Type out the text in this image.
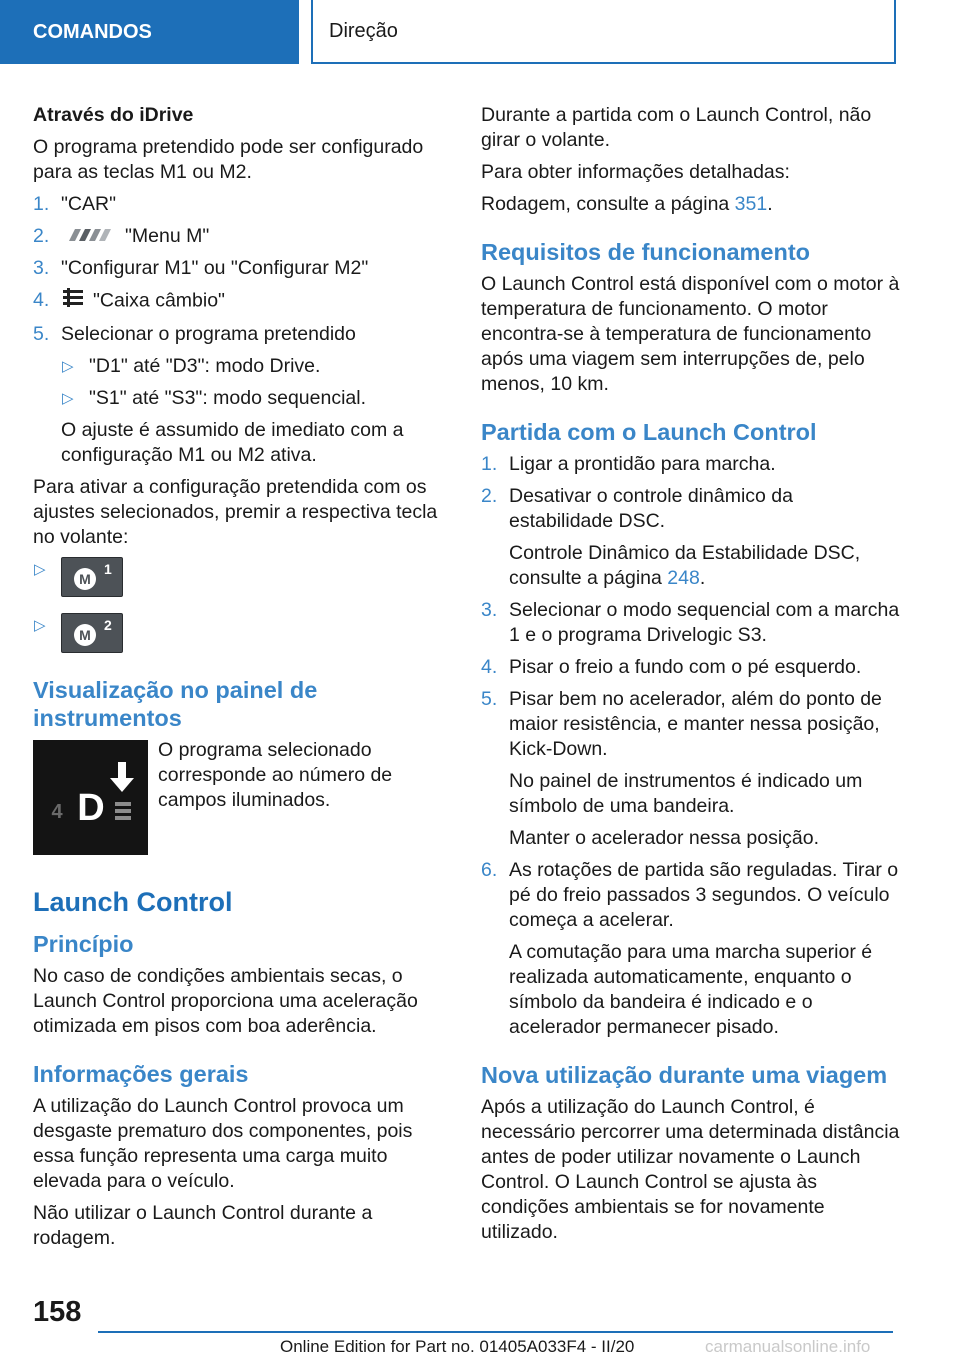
COMANDOS	Direção

Através do iDrive

O programa pretendido pode ser configurado para as teclas M1 ou M2.

1. "CAR"
2.	"Menu M"
3. "Configurar M1" ou "Configurar M2"
4. "Caixa câmbio"
5. Selecionar o programa pretendido
▷ "D1" até "D3": modo Drive.
▷ "S1" até "S3": modo sequencial.
O ajuste é assumido de imediato com a configuração M1 ou M2 ativa.

Para ativar a configuração pretendida com os ajustes selecionados, premir a respectiva tecla no volante:

▷
M
1
▷
M
2
Visualização no painel de instrumentos
4 D
O programa selecionado corresponde ao número de campos iluminados.
Launch Control
Princípio

No caso de condições ambientais secas, o Launch Control proporciona uma aceleração otimizada em pisos com boa aderência.

Informações gerais

A utilização do Launch Control provoca um desgaste prematuro dos componentes, pois essa função representa uma carga muito elevada para o veículo.

Não utilizar o Launch Control durante a rodagem.

Durante a partida com o Launch Control, não girar o volante.

Para obter informações detalhadas:

Rodagem, consulte a página 351.

Requisitos de funcionamento

O Launch Control está disponível com o motor à temperatura de funcionamento. O motor encontra-se à temperatura de funcionamento após uma viagem sem interrupções de, pelo menos, 10 km.

Partida com o Launch Control
1. Ligar a prontidão para marcha.
2. Desativar o controle dinâmico da estabilidade DSC.
Controle Dinâmico da Estabilidade DSC, consulte a página 248.
3. Selecionar o modo sequencial com a marcha 1 e o programa Drivelogic S3.
4. Pisar o freio a fundo com o pé esquerdo.
5. Pisar bem no acelerador, além do ponto de maior resistência, e manter nessa posição, Kick-Down.
No painel de instrumentos é indicado um símbolo de uma bandeira.
Manter o acelerador nessa posição.
6. As rotações de partida são reguladas. Tirar o pé do freio passados 3 segundos. O veículo começa a acelerar.
A comutação para uma marcha superior é realizada automaticamente, enquanto o símbolo da bandeira é indicado e o acelerador permanecer pisado.
Nova utilização durante uma viagem

Após a utilização do Launch Control, é necessário percorrer uma determinada distância antes de poder utilizar novamente o Launch Control. O Launch Control se ajusta às condições ambientais se for novamente utilizado.

158
Online Edition for Part no. 01405A033F4 - II/20	carmanualsonline.info
